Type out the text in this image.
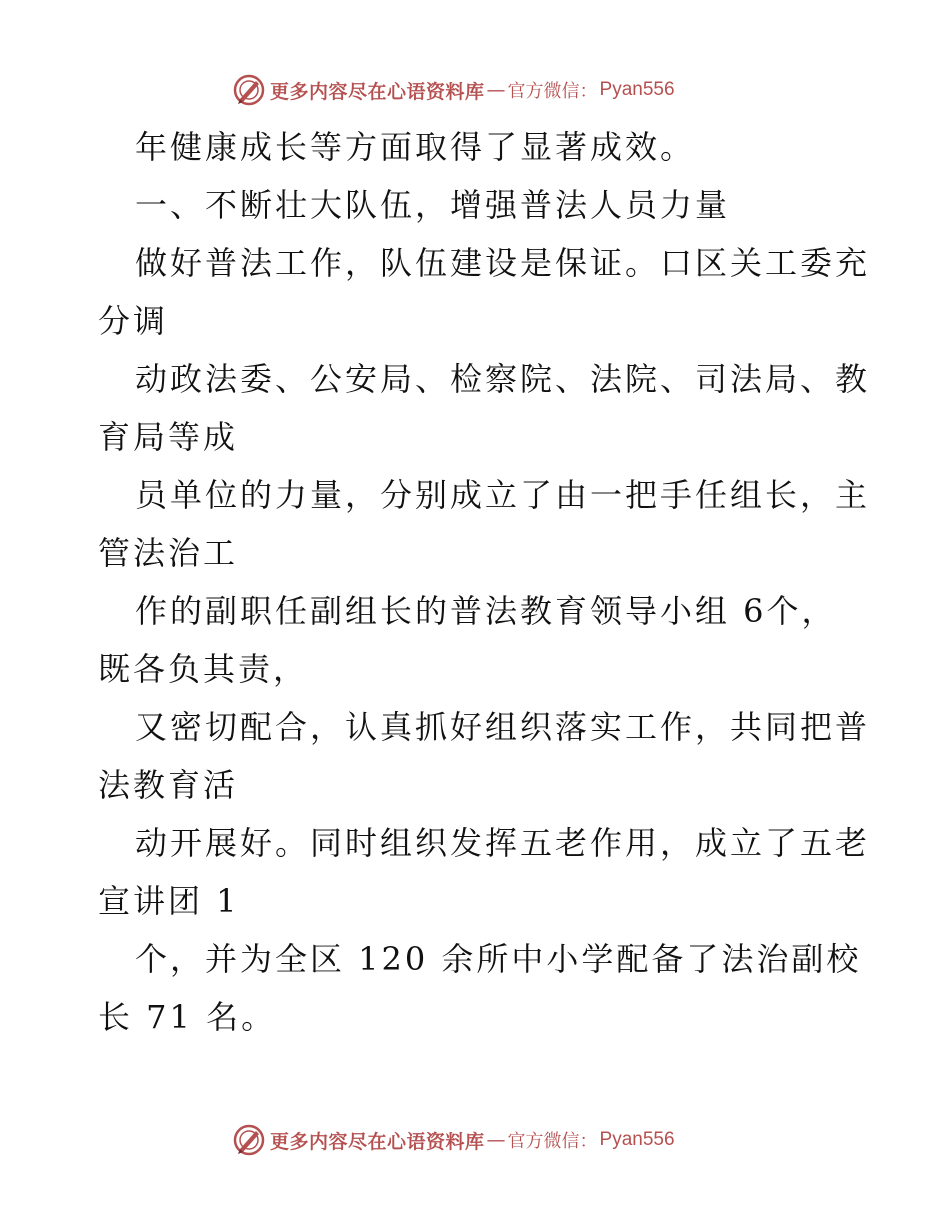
更多内容尽在心语资料库 — 官方微信： Pyan556
年健康成长等方面取得了显著成效。
一、不断壮大队伍，增强普法人员力量
做好普法工作，队伍建设是保证。口区关工委充
分调
动政法委、公安局、检察院、法院、司法局、教
育局等成
员单位的力量，分别成立了由一把手任组长，主
管法治工
作的副职任副组长的普法教育领导小组 6个，
既各负其责，
又密切配合，认真抓好组织落实工作，共同把普
法教育活
动开展好。同时组织发挥五老作用，成立了五老
宣讲团 1
个，并为全区 120 余所中小学配备了法治副校
长 71 名。
更多内容尽在心语资料库 — 官方微信： Pyan556
